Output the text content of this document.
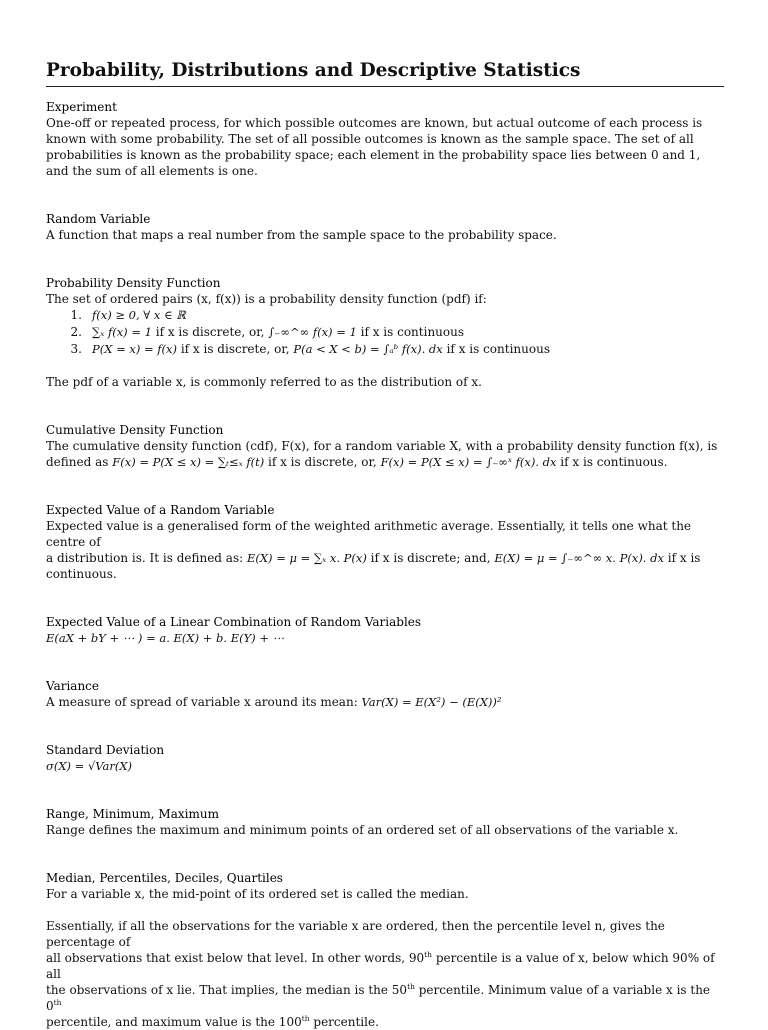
Probability, Distributions and Descriptive Statistics
Experiment
One-off or repeated process, for which possible outcomes are known, but actual outcome of each process is known with some probability. The set of all possible outcomes is known as the sample space. The set of all probabilities is known as the probability space; each element in the probability space lies between 0 and 1, and the sum of all elements is one.
Random Variable
A function that maps a real number from the sample space to the probability space.
Probability Density Function
The set of ordered pairs (x, f(x)) is a probability density function (pdf) if:
1. f(x) ≥ 0, ∀ x ∈ ℝ
2. ∑ₓ f(x) = 1 if x is discrete, or, ∫₋∞^∞ f(x) = 1 if x is continuous
3. P(X = x) = f(x) if x is discrete, or, P(a < X < b) = ∫ₐᵇ f(x). dx if x is continuous
The pdf of a variable x, is commonly referred to as the distribution of x.
Cumulative Density Function
The cumulative density function (cdf), F(x), for a random variable X, with a probability density function f(x), is
defined as F(x) = P(X ≤ x) = ∑ₜ≤ₓ f(t) if x is discrete, or, F(x) = P(X ≤ x) = ∫₋∞ˣ f(x). dx if x is continuous.
Expected Value of a Random Variable
Expected value is a generalised form of the weighted arithmetic average. Essentially, it tells one what the centre of
a distribution is. It is defined as: E(X) = μ = ∑ₓ x. P(x) if x is discrete; and, E(X) = μ = ∫₋∞^∞ x. P(x). dx if x is
continuous.
Expected Value of a Linear Combination of Random Variables
E(aX + bY + ⋯ ) = a. E(X) + b. E(Y) + ⋯
Variance
A measure of spread of variable x around its mean: Var(X) = E(X²) − (E(X))²
Standard Deviation
σ(X) = √Var(X)
Range, Minimum, Maximum
Range defines the maximum and minimum points of an ordered set of all observations of the variable x.
Median, Percentiles, Deciles, Quartiles
For a variable x, the mid-point of its ordered set is called the median.
Essentially, if all the observations for the variable x are ordered, then the percentile level n, gives the percentage of
all observations that exist below that level. In other words, 90th percentile is a value of x, below which 90% of all
the observations of x lie. That implies, the median is the 50th percentile. Minimum value of a variable x is the 0th
percentile, and maximum value is the 100th percentile.
